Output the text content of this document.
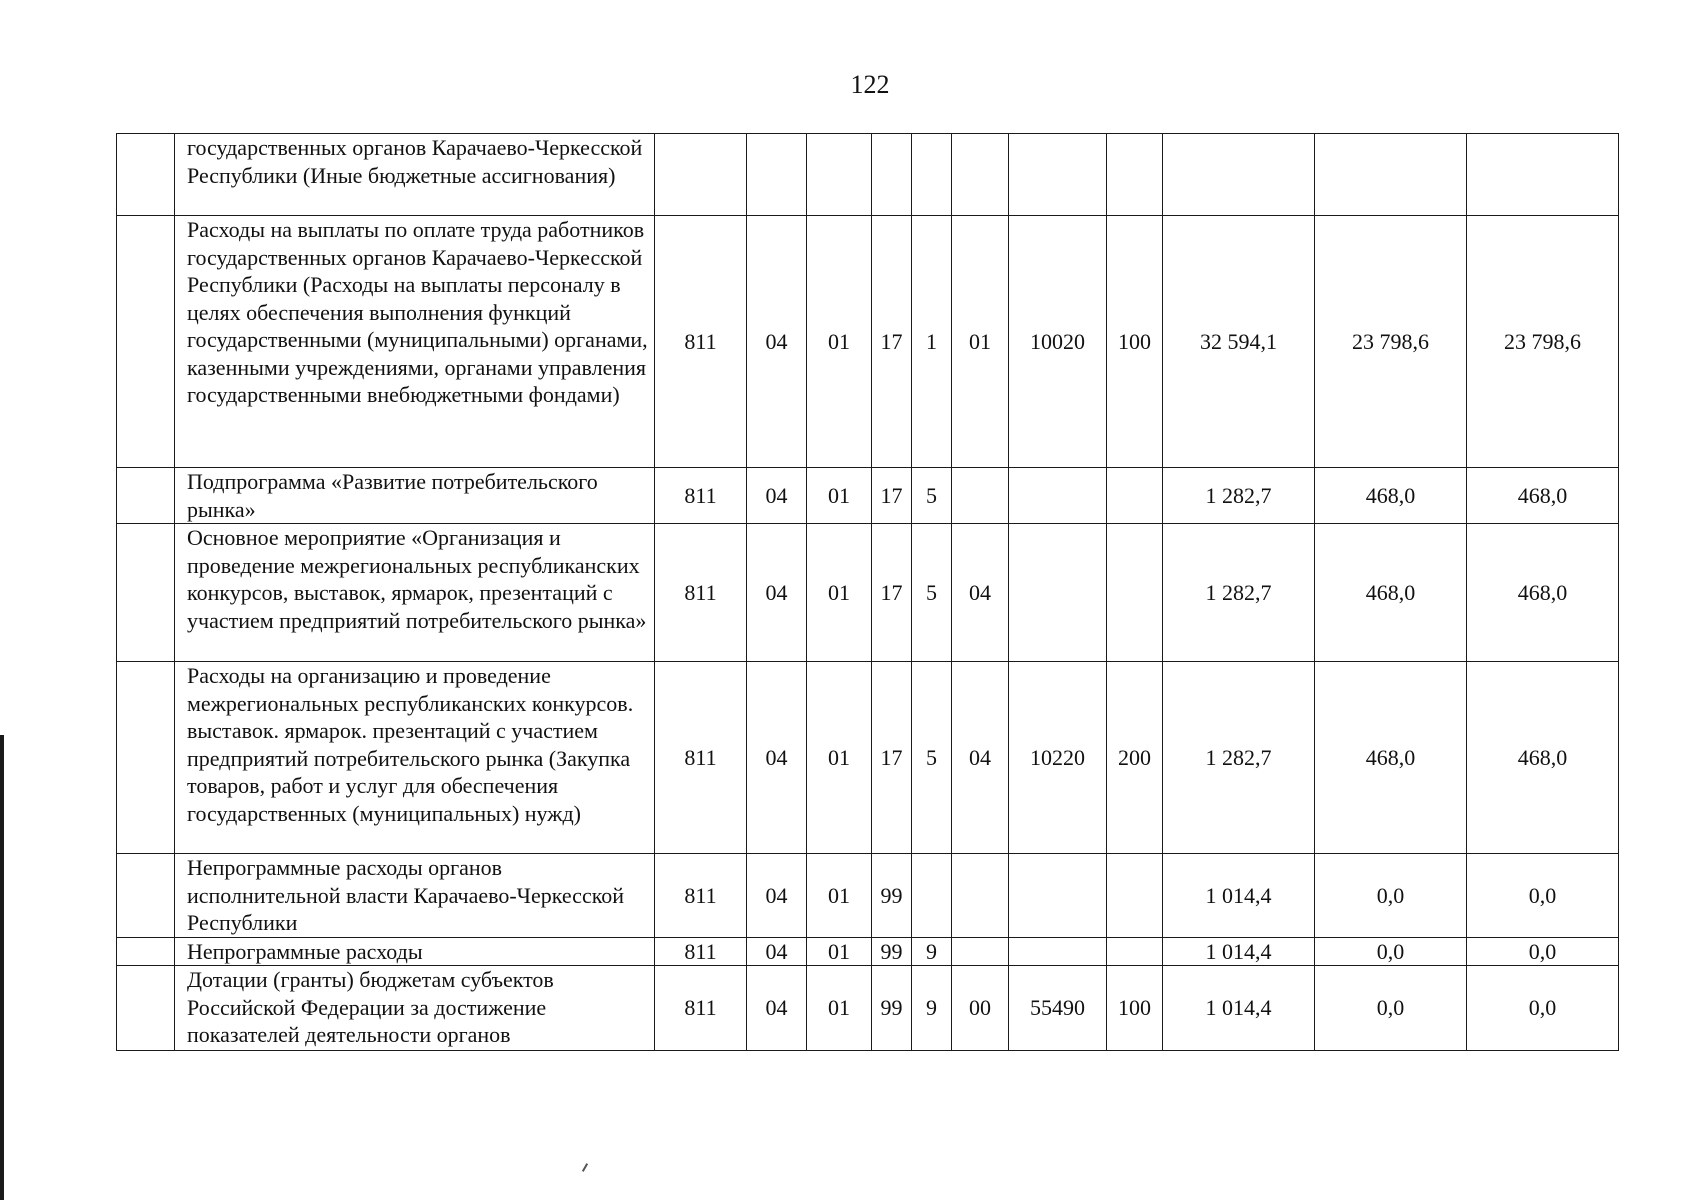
122
	государственных органов Карачаево-Черкесской Республики (Иные бюджетные ассигнования)											
	Расходы на выплаты по оплате труда работников государственных органов Карачаево-Черкесской Республики (Расходы на выплаты персоналу в целях обеспечения выполнения функций государственными (муниципальными) органами, казенными учреждениями, органами управления государственными внебюджетными фондами)	811	04	01	17	1	01	10020	100	32 594,1	23 798,6	23 798,6
	Подпрограмма «Развитие потребительского рынка»	811	04	01	17	5				1 282,7	468,0	468,0
	Основное мероприятие «Организация и проведение межрегиональных республиканских конкурсов, выставок, ярмарок, презентаций с участием предприятий потребительского рынка»	811	04	01	17	5	04			1 282,7	468,0	468,0
	Расходы на организацию и проведение межрегиональных республиканских конкурсов. выставок. ярмарок. презентаций с участием предприятий потребительского рынка (Закупка товаров, работ и услуг для обеспечения государственных (муниципальных) нужд)	811	04	01	17	5	04	10220	200	1 282,7	468,0	468,0
	Непрограммные расходы органов исполнительной власти Карачаево-Черкесской Республики	811	04	01	99					1 014,4	0,0	0,0
	Непрограммные расходы	811	04	01	99	9				1 014,4	0,0	0,0
	Дотации (гранты) бюджетам субъектов Российской Федерации за достижение показателей деятельности органов	811	04	01	99	9	00	55490	100	1 014,4	0,0	0,0
